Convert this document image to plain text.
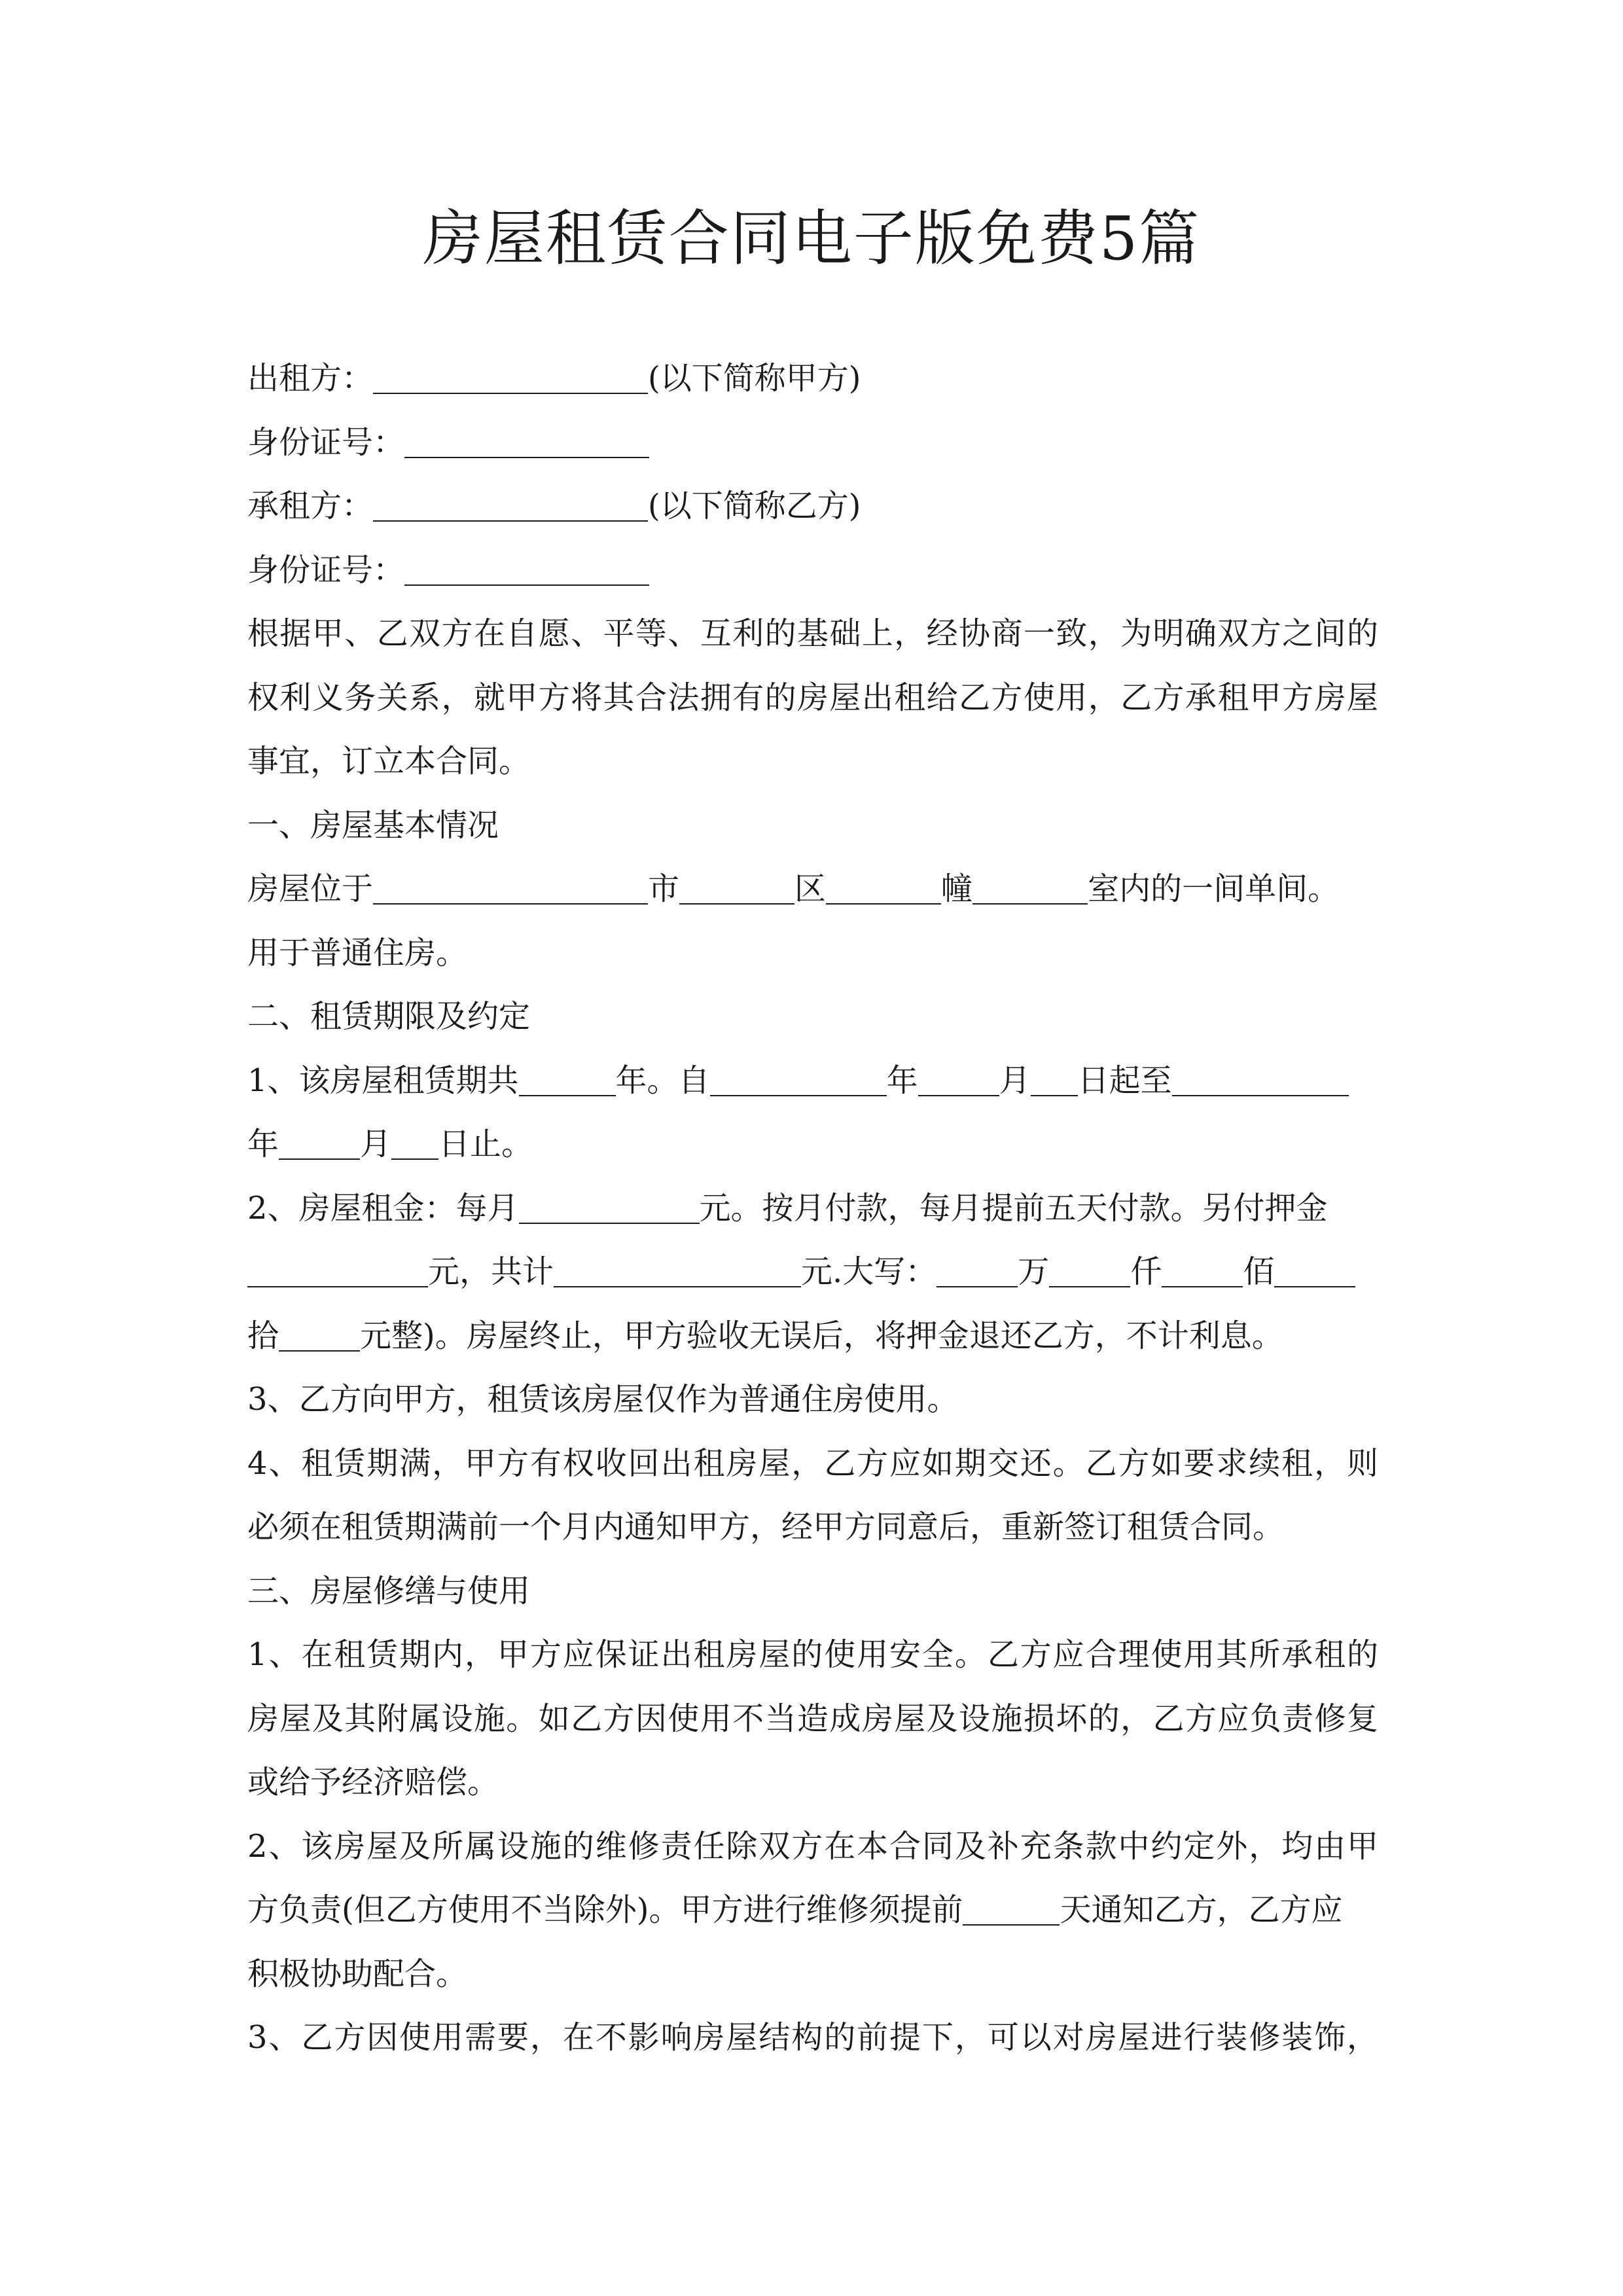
房屋租赁合同电子版免费5篇
出租方：	(以下简称甲方)
身份证号：
承租方：	(以下简称乙方)
身份证号：
根据甲、乙双方在自愿、平等、互利的基础上，经协商一致，为明确双方之间的
权利义务关系，就甲方将其合法拥有的房屋出租给乙方使用，乙方承租甲方房屋
事宜，订立本合同。
一、房屋基本情况
房屋位于	市	区	幢	室内的一间单间。
用于普通住房。
二、租赁期限及约定
1、该房屋租赁期共	年。自	年	月 日起至
年	月 日止。
2、房屋租金：每月	元。按月付款，每月提前五天付款。另付押金
元，共计	元.大写：	万	仟	佰
拾	元整)。房屋终止，甲方验收无误后，将押金退还乙方，不计利息。
3、乙方向甲方，租赁该房屋仅作为普通住房使用。
4、租赁期满，甲方有权收回出租房屋，乙方应如期交还。乙方如要求续租，则
必须在租赁期满前一个月内通知甲方，经甲方同意后，重新签订租赁合同。
三、房屋修缮与使用
1、在租赁期内，甲方应保证出租房屋的使用安全。乙方应合理使用其所承租的
房屋及其附属设施。如乙方因使用不当造成房屋及设施损坏的，乙方应负责修复
或给予经济赔偿。
2、该房屋及所属设施的维修责任除双方在本合同及补充条款中约定外，均由甲
方负责(但乙方使用不当除外)。甲方进行维修须提前	天通知乙方，乙方应
积极协助配合。
3、乙方因使用需要，在不影响房屋结构的前提下，可以对房屋进行装修装饰，
